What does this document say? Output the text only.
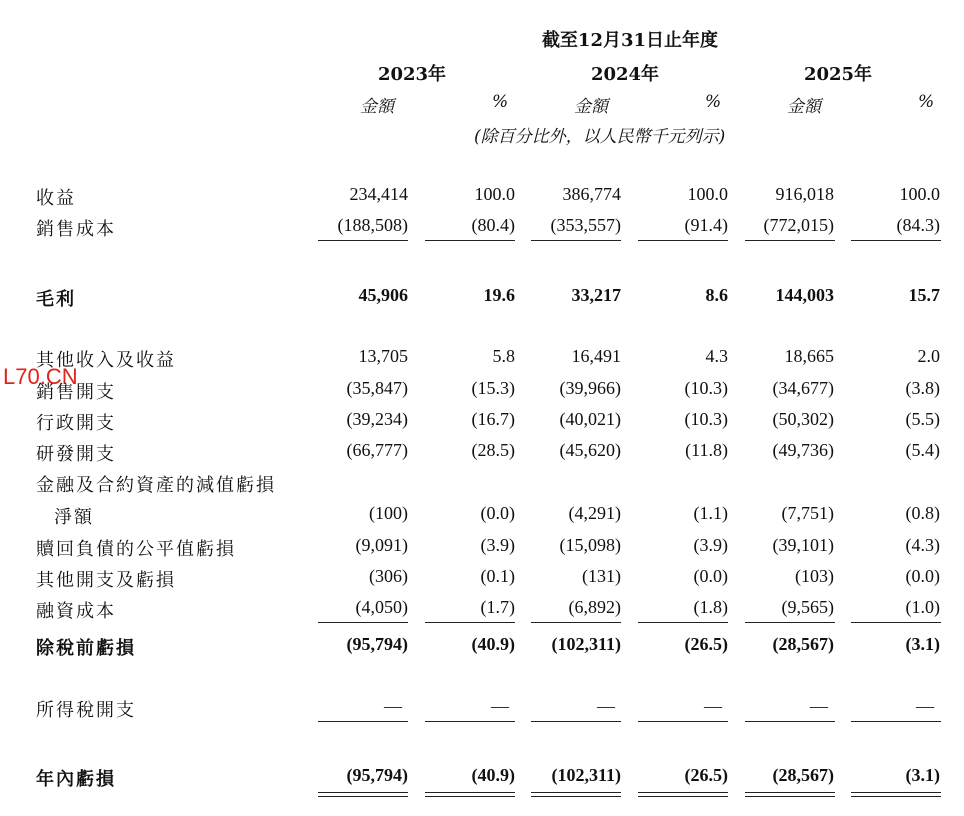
截至12月31日止年度
2023年	2024年	2025年
金額	%	金額	%	金額	%
(除百分比外，以人民幣千元列示)
L70.CN
收益	234,414	100.0	386,774	100.0	916,018	100.0
銷售成本	(188,508)	(80.4)	(353,557)	(91.4)	(772,015)	(84.3)
毛利	45,906	19.6	33,217	8.6	144,003	15.7
其他收入及收益	13,705	5.8	16,491	4.3	18,665	2.0
銷售開支	(35,847)	(15.3)	(39,966)	(10.3)	(34,677)	(3.8)
行政開支	(39,234)	(16.7)	(40,021)	(10.3)	(50,302)	(5.5)
研發開支	(66,777)	(28.5)	(45,620)	(11.8)	(49,736)	(5.4)
金融及合約資產的減值虧損
淨額	(100)	(0.0)	(4,291)	(1.1)	(7,751)	(0.8)
贖回負債的公平值虧損	(9,091)	(3.9)	(15,098)	(3.9)	(39,101)	(4.3)
其他開支及虧損	(306)	(0.1)	(131)	(0.0)	(103)	(0.0)
融資成本	(4,050)	(1.7)	(6,892)	(1.8)	(9,565)	(1.0)
除稅前虧損	(95,794)	(40.9)	(102,311)	(26.5)	(28,567)	(3.1)
所得稅開支	—	—	—	—	—	—
年內虧損	(95,794)	(40.9)	(102,311)	(26.5)	(28,567)	(3.1)
